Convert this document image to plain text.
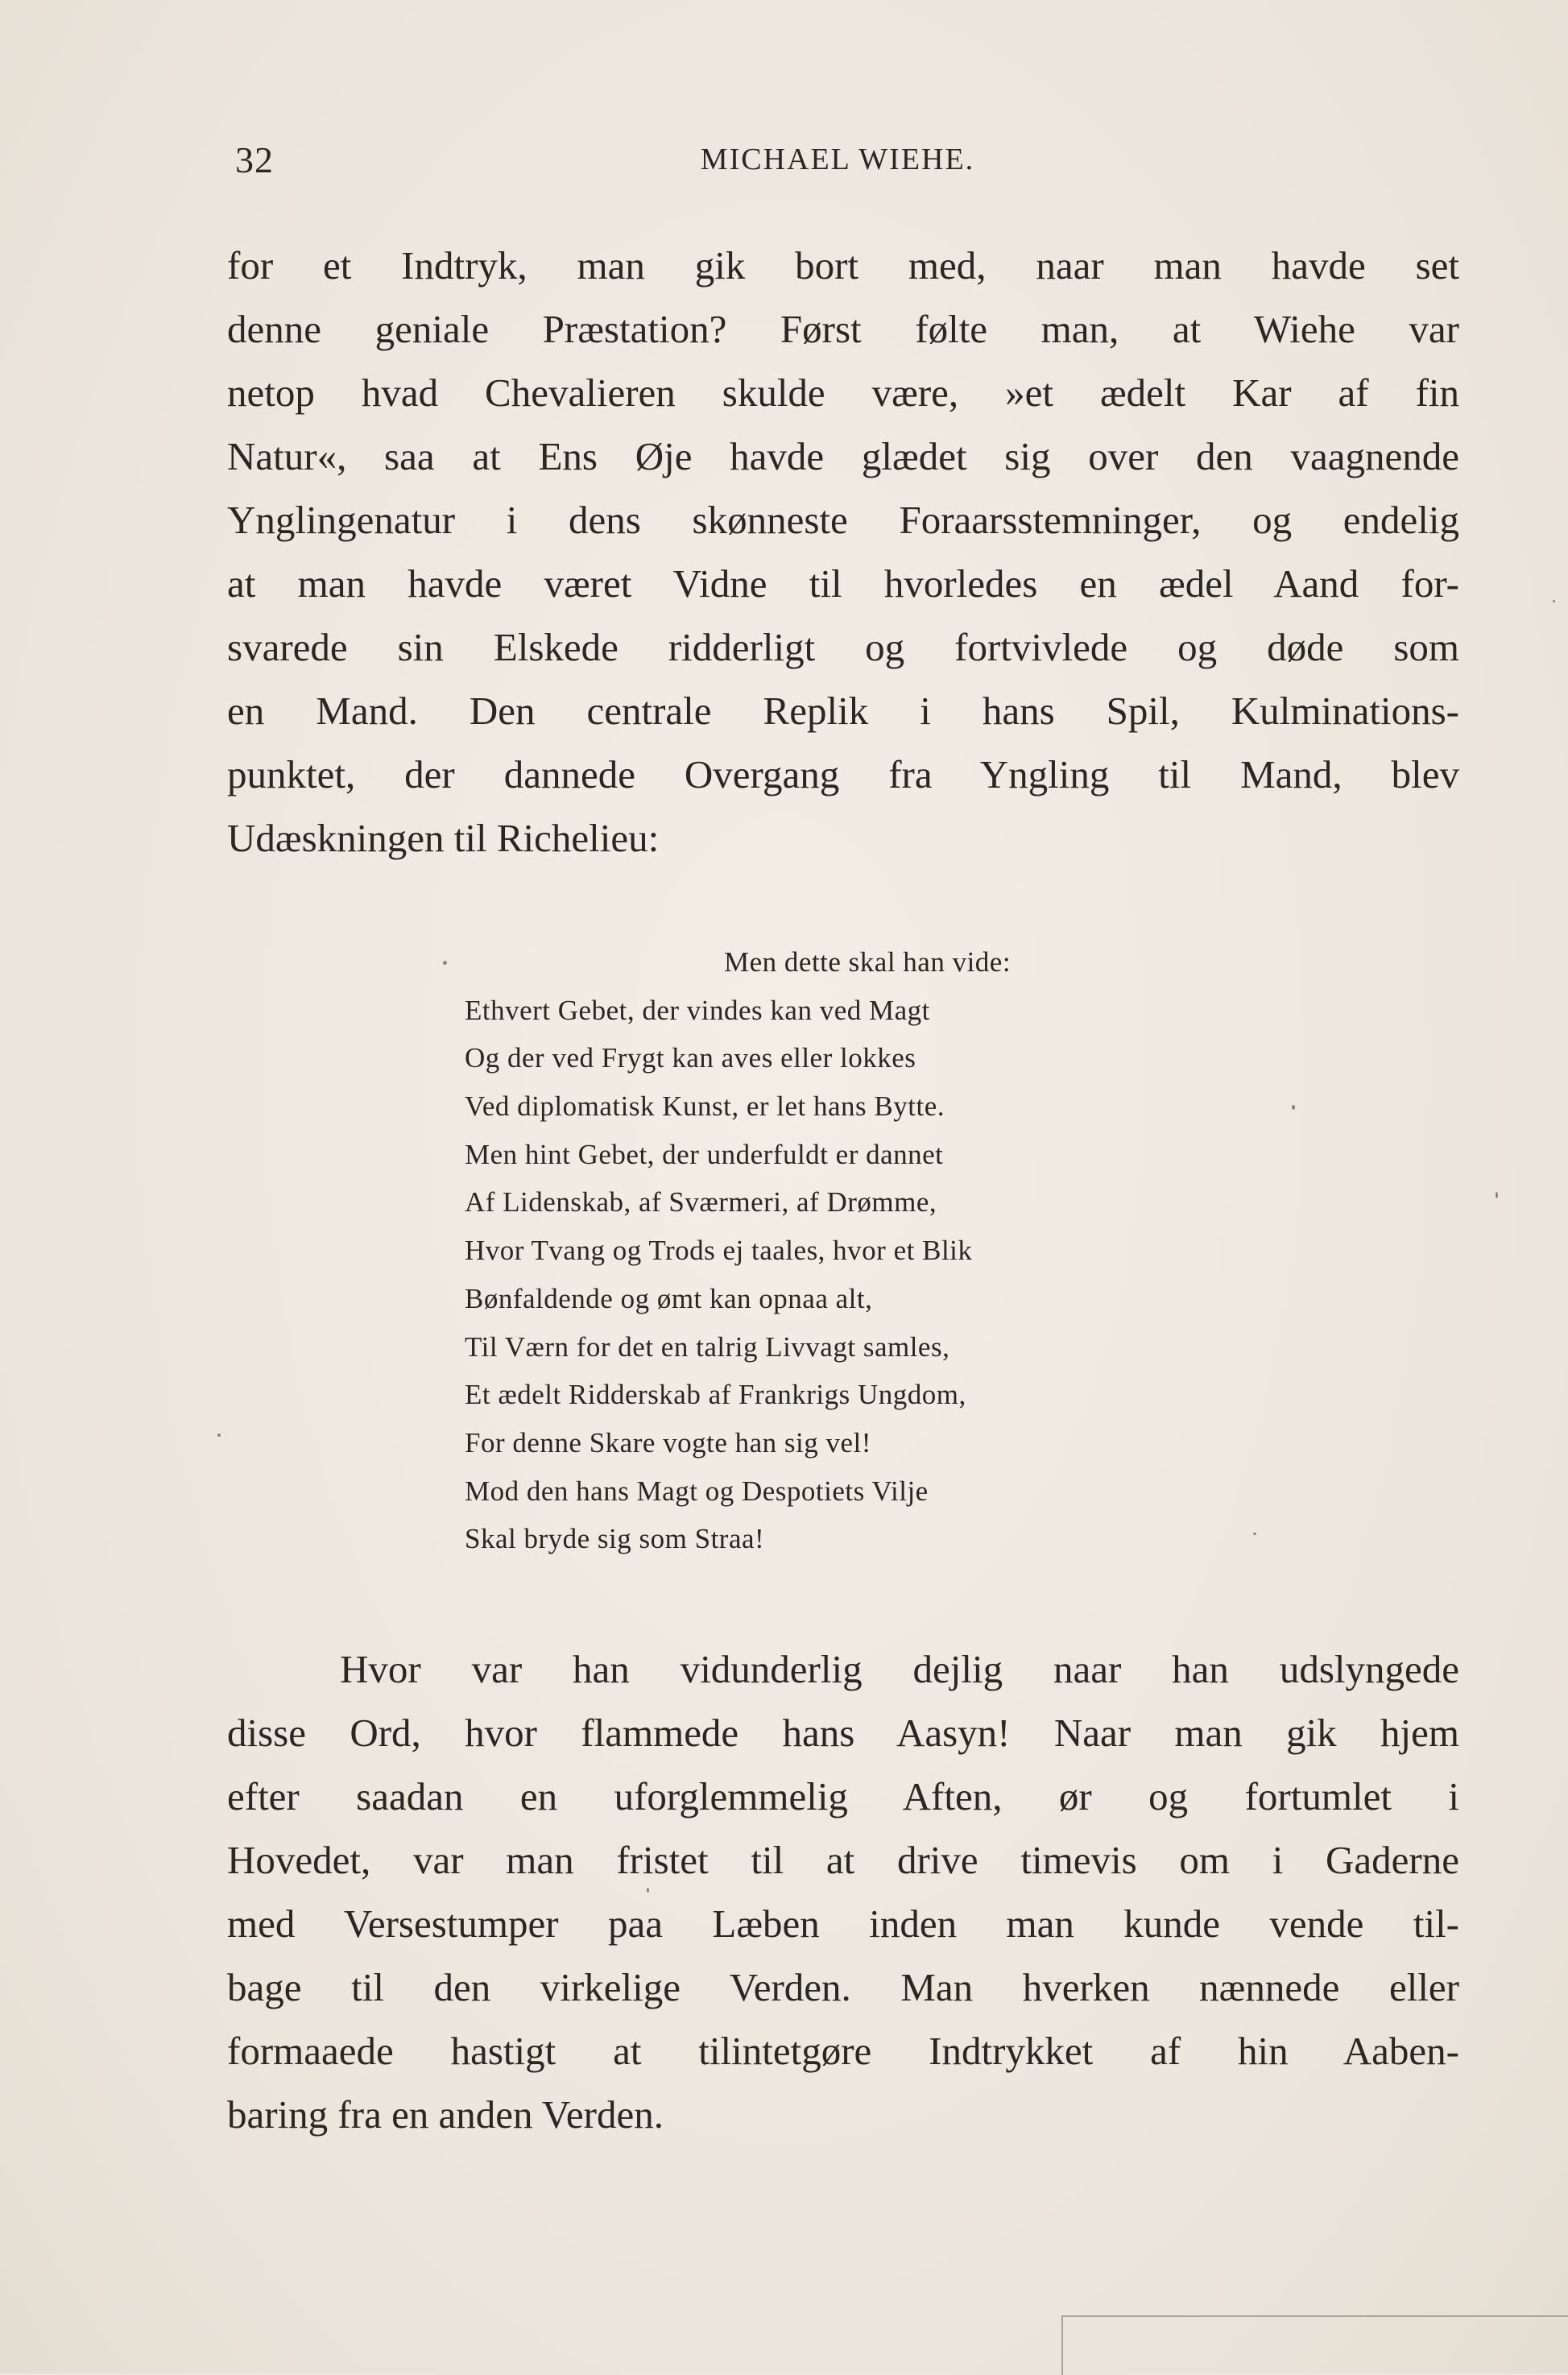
32	MICHAEL WIEHE.
for et Indtryk, man gik bort med, naar man havde set
denne geniale Præstation? Først følte man, at Wiehe var
netop hvad Chevalieren skulde være, »et ædelt Kar af fin
Natur«, saa at Ens Øje havde glædet sig over den vaagnende
Ynglingenatur i dens skønneste Foraarsstemninger, og endelig
at man havde været Vidne til hvorledes en ædel Aand for-
svarede sin Elskede ridderligt og fortvivlede og døde som
en Mand. Den centrale Replik i hans Spil, Kulminations-
punktet, der dannede Overgang fra Yngling til Mand, blev
Udæskningen til Richelieu:
Men dette skal han vide:
Ethvert Gebet, der vindes kan ved Magt
Og der ved Frygt kan aves eller lokkes
Ved diplomatisk Kunst, er let hans Bytte.
Men hint Gebet, der underfuldt er dannet
Af Lidenskab, af Sværmeri, af Drømme,
Hvor Tvang og Trods ej taales, hvor et Blik
Bønfaldende og ømt kan opnaa alt,
Til Værn for det en talrig Livvagt samles,
Et ædelt Ridderskab af Frankrigs Ungdom,
For denne Skare vogte han sig vel!
Mod den hans Magt og Despotiets Vilje
Skal bryde sig som Straa!
Hvor var han vidunderlig dejlig naar han udslyngede
disse Ord, hvor flammede hans Aasyn! Naar man gik hjem
efter saadan en uforglemmelig Aften, ør og fortumlet i
Hovedet, var man fristet til at drive timevis om i Gaderne
med Versestumper paa Læben inden man kunde vende til-
bage til den virkelige Verden. Man hverken nænnede eller
formaaede hastigt at tilintetgøre Indtrykket af hin Aaben-
baring fra en anden Verden.
